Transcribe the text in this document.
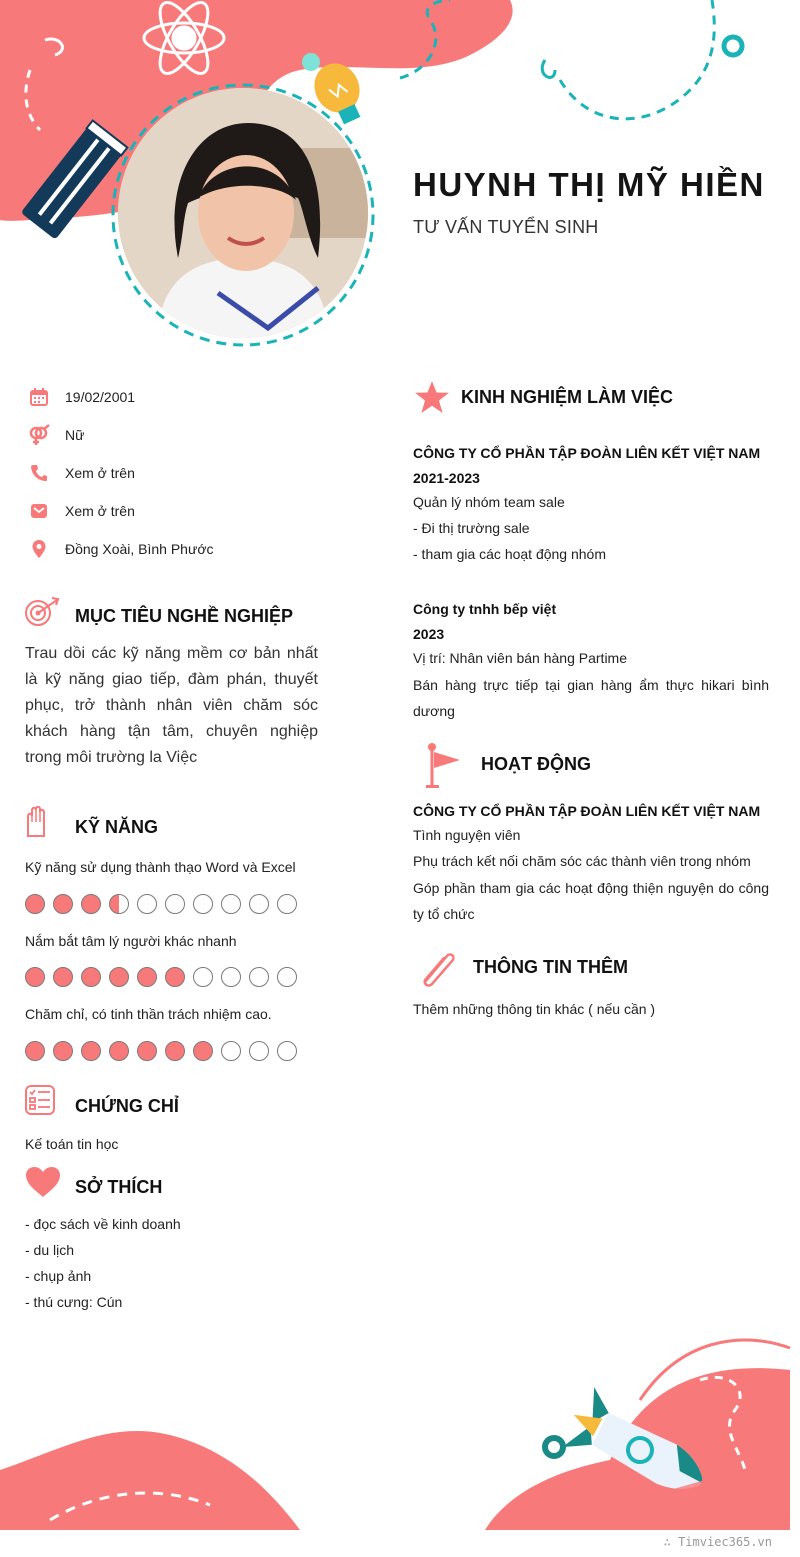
HUYNH THỊ MỸ HIỀN
TƯ VẤN TUYỂN SINH
19/02/2001
Nữ
Xem ở trên
Xem ở trên
Đồng Xoài, Bình Phước
MỤC TIÊU NGHỀ NGHIỆP
Trau dồi các kỹ năng mềm cơ bản nhất là kỹ năng giao tiếp, đàm phán, thuyết phục, trở thành nhân viên chăm sóc khách hàng tận tâm, chuyên nghiệp trong môi trường la Việc
KỸ NĂNG
Kỹ năng sử dụng thành thạo Word và Excel
Nắm bắt tâm lý người khác nhanh
Chăm chỉ, có tinh thần trách nhiệm cao.
CHỨNG CHỈ
Kế toán tin học
SỞ THÍCH
- đọc sách về kinh doanh
- du lịch
- chụp ảnh
- thú cưng: Cún
KINH NGHIỆM LÀM VIỆC
CÔNG TY CỔ PHẦN TẬP ĐOÀN LIÊN KẾT VIỆT NAM
2021-2023
Quản lý nhóm team sale
- Đi thị trường sale
- tham gia các hoạt động nhóm
Công ty tnhh bếp việt
2023
Vị trí: Nhân viên bán hàng Partime
Bán hàng trực tiếp tại gian hàng ẩm thực hikari bình dương
HOẠT ĐỘNG
CÔNG TY CỔ PHẦN TẬP ĐOÀN LIÊN KẾT VIỆT NAM
Tình nguyện viên
Phụ trách kết nối chăm sóc các thành viên trong nhóm
Góp phần tham gia các hoạt động thiện nguyện do công ty tổ chức
THÔNG TIN THÊM
Thêm những thông tin khác ( nếu cần )
∴ Timviec365.vn
